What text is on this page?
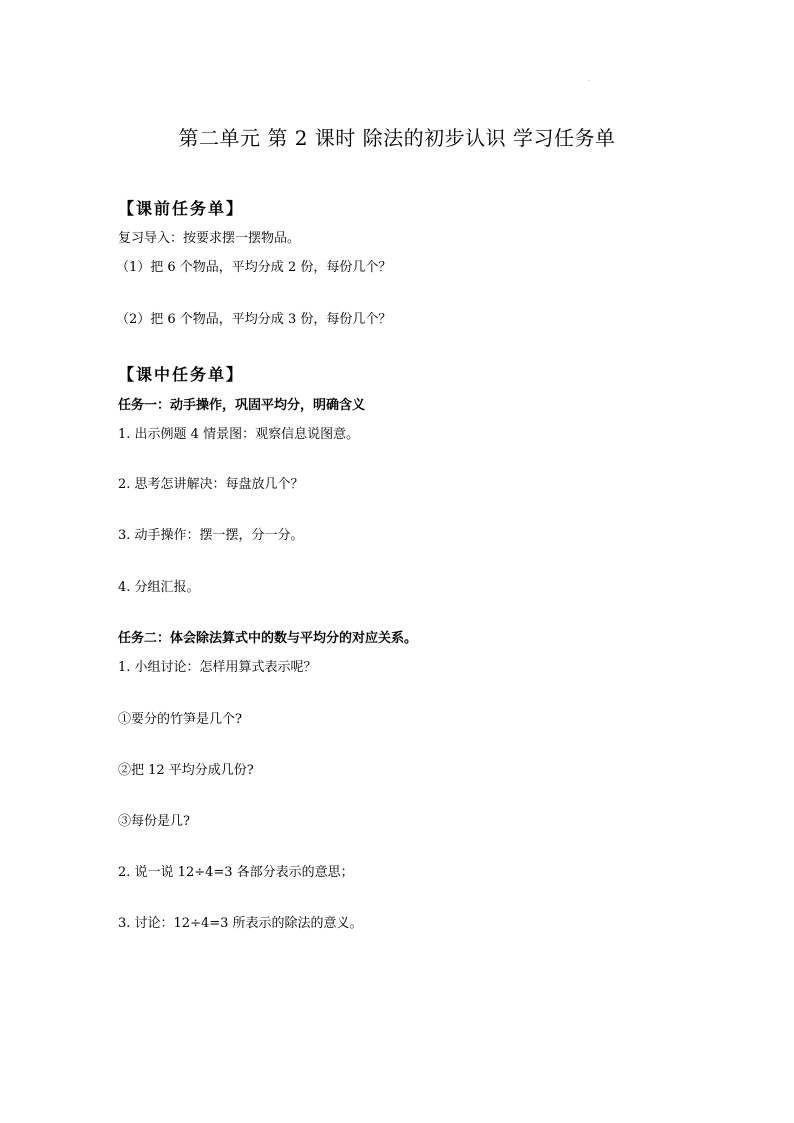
.
第二单元 第 2 课时 除法的初步认识 学习任务单
【课前任务单】
复习导入：按要求摆一摆物品。
（1）把 6 个物品，平均分成 2 份，每份几个？
（2）把 6 个物品，平均分成 3 份，每份几个？
【课中任务单】
任务一：动手操作，巩固平均分，明确含义
1. 出示例题 4 情景图：观察信息说图意。
2. 思考怎讲解决：每盘放几个？
3. 动手操作：摆一摆，分一分。
4. 分组汇报。
任务二：体会除法算式中的数与平均分的对应关系。
1. 小组讨论：怎样用算式表示呢？
①要分的竹笋是几个?
②把 12 平均分成几份?
③每份是几?
2. 说一说 12÷4=3 各部分表示的意思；
3. 讨论：12÷4=3 所表示的除法的意义。
